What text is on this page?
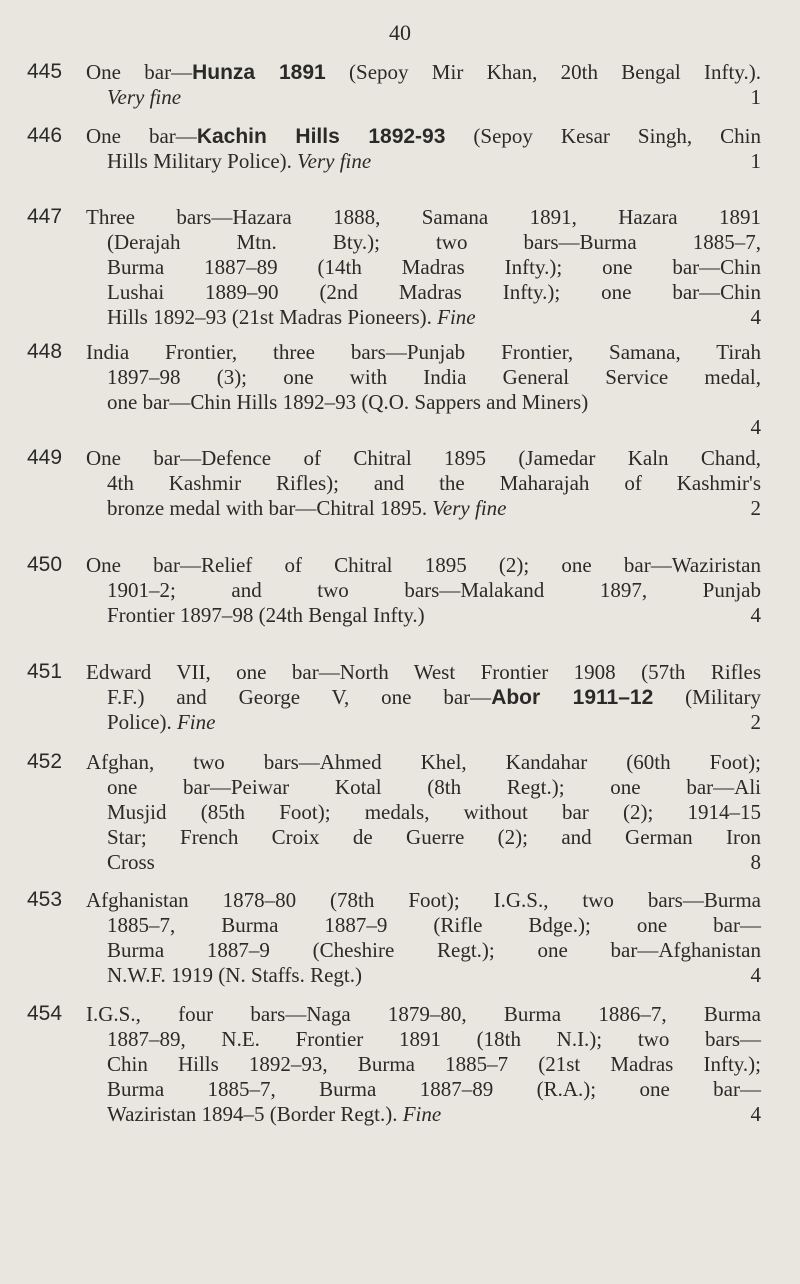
40
445 One bar—Hunza 1891 (Sepoy Mir Khan, 20th Bengal Infty.).
Very fine	1
446 One bar—Kachin Hills 1892-93 (Sepoy Kesar Singh, Chin
Hills Military Police). Very fine	1
447 Three bars—Hazara 1888, Samana 1891, Hazara 1891
(Derajah Mtn. Bty.); two bars—Burma 1885–7,
Burma 1887–89 (14th Madras Infty.); one bar—Chin
Lushai 1889–90 (2nd Madras Infty.); one bar—Chin
Hills 1892–93 (21st Madras Pioneers). Fine	4
448 India Frontier, three bars—Punjab Frontier, Samana, Tirah
1897–98 (3); one with India General Service medal,
one bar—Chin Hills 1892–93 (Q.O. Sappers and Miners)
4
449 One bar—Defence of Chitral 1895 (Jamedar Kaln Chand,
4th Kashmir Rifles); and the Maharajah of Kashmir's
bronze medal with bar—Chitral 1895. Very fine	2
450 One bar—Relief of Chitral 1895 (2); one bar—Waziristan
1901–2; and two bars—Malakand 1897, Punjab
Frontier 1897–98 (24th Bengal Infty.)	4
451 Edward VII, one bar—North West Frontier 1908 (57th Rifles
F.F.) and George V, one bar—Abor 1911–12 (Military
Police). Fine	2
452 Afghan, two bars—Ahmed Khel, Kandahar (60th Foot);
one bar—Peiwar Kotal (8th Regt.); one bar—Ali
Musjid (85th Foot); medals, without bar (2); 1914–15
Star; French Croix de Guerre (2); and German Iron
Cross	8
453 Afghanistan 1878–80 (78th Foot); I.G.S., two bars—Burma
1885–7, Burma 1887–9 (Rifle Bdge.); one bar—
Burma 1887–9 (Cheshire Regt.); one bar—Afghanistan
N.W.F. 1919 (N. Staffs. Regt.)	4
454 I.G.S., four bars—Naga 1879–80, Burma 1886–7, Burma
1887–89, N.E. Frontier 1891 (18th N.I.); two bars—
Chin Hills 1892–93, Burma 1885–7 (21st Madras Infty.);
Burma 1885–7, Burma 1887–89 (R.A.); one bar—
Waziristan 1894–5 (Border Regt.). Fine	4
